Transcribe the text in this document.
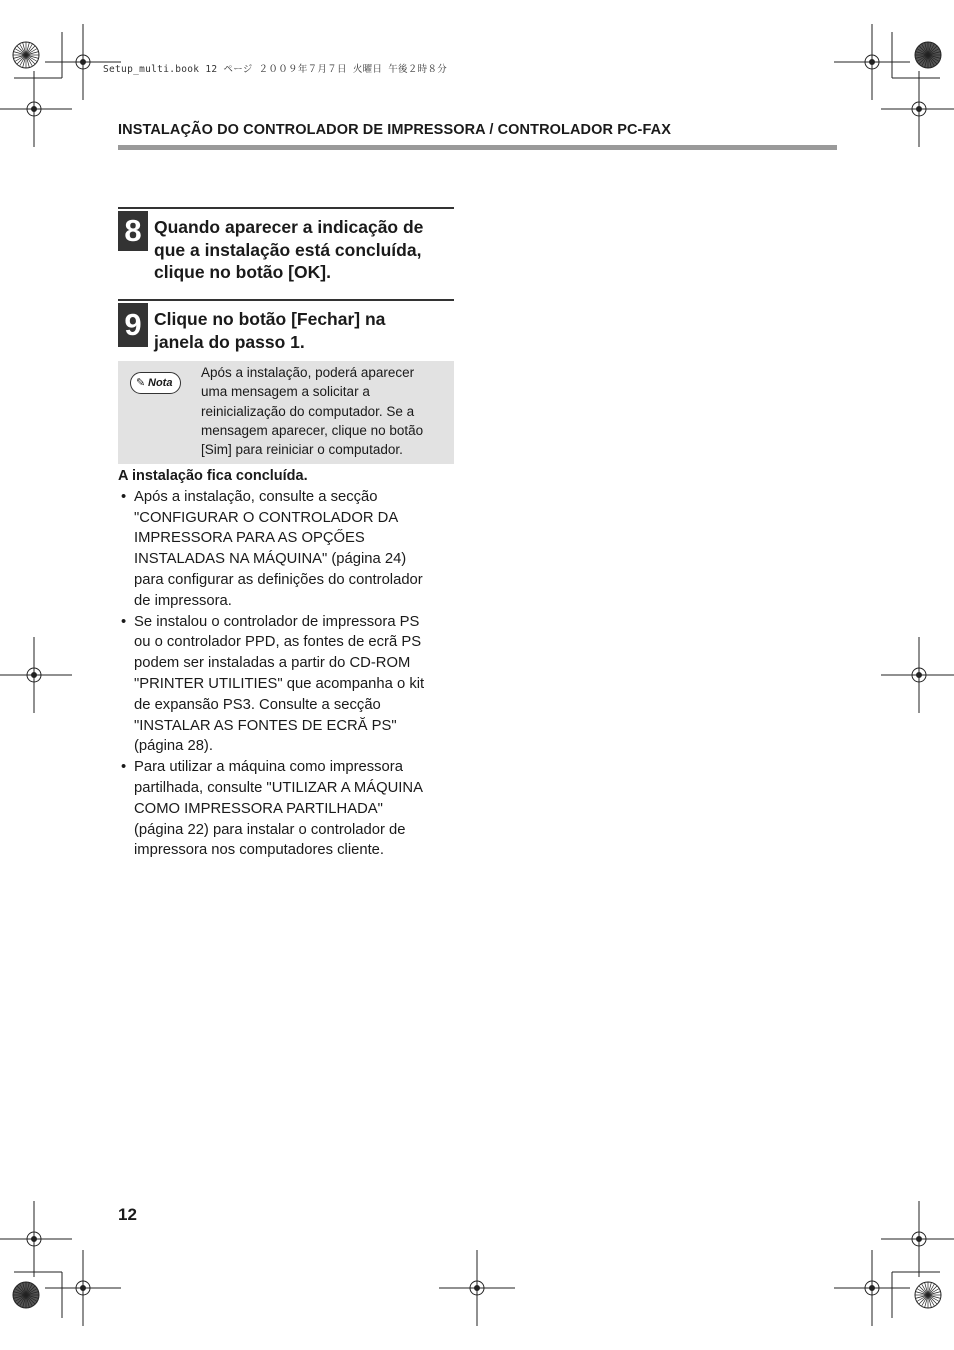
Setup_multi.book 12 ページ ２００９年７月７日 火曜日 午後２時８分
INSTALAÇÃO DO CONTROLADOR DE IMPRESSORA / CONTROLADOR PC-FAX
8 Quando aparecer a indicação de
que a instalação está concluída,
clique no botão [OK].
9 Clique no botão [Fechar] na
janela do passo 1.
✎ Nota
Após a instalação, poderá aparecer
uma mensagem a solicitar a
reinicialização do computador. Se a
mensagem aparecer, clique no botão
[Sim] para reiniciar o computador.
A instalação fica concluída.
• Após a instalação, consulte a secção
"CONFIGURAR O CONTROLADOR DA
IMPRESSORA PARA AS OPÇŐES
INSTALADAS NA MÁQUINA" (página 24)
para configurar as definições do controlador
de impressora.
• Se instalou o controlador de impressora PS
ou o controlador PPD, as fontes de ecrã PS
podem ser instaladas a partir do CD-ROM
"PRINTER UTILITIES" que acompanha o kit
de expansão PS3. Consulte a secção
"INSTALAR AS FONTES DE ECRĂ PS"
(página 28).
• Para utilizar a máquina como impressora
partilhada, consulte "UTILIZAR A MÁQUINA
COMO IMPRESSORA PARTILHADA"
(página 22) para instalar o controlador de
impressora nos computadores cliente.
12
